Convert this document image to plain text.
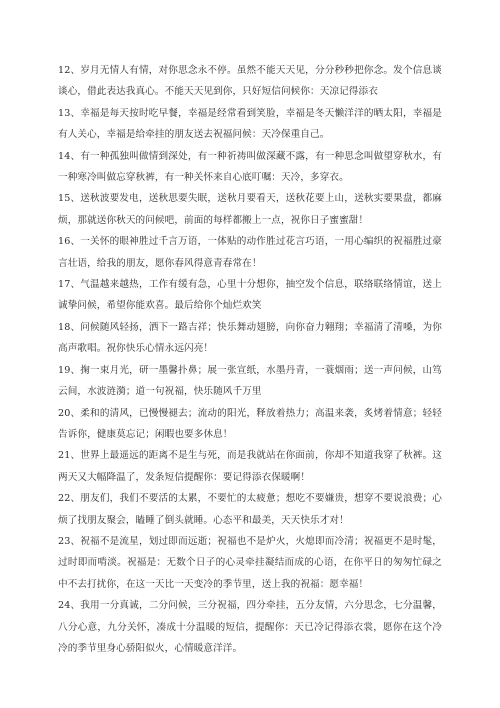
12、岁月无情人有情，对你思念永不停。虽然不能天天见，分分秒秒把你念。发个信息谈谈心，借此表达我真心。不能天天见到你，只好短信问候你：天凉记得添衣

13、幸福是每天按时吃早餐，幸福是经常看到笑脸，幸福是冬天懒洋洋的晒太阳，幸福是有人关心，幸福是给牵挂的朋友送去祝福问候：天冷保重自己。

14、有一种孤独叫做情到深处，有一种祈祷叫做深藏不露，有一种思念叫做望穿秋水，有一种寒冷叫做忘穿秋裤，有一种关怀来自心底叮嘱：天冷，多穿衣。

15、送秋波要发电，送秋思要失眠，送秋月要看天，送秋花要上山，送秋实要果盘，都麻烦，那就送你秋天的问候吧，前面的每样都搬上一点，祝你日子蜜蜜甜！

16、一关怀的眼神胜过千言万语，一体贴的动作胜过花言巧语，一用心编织的祝福胜过豪言壮语，给我的朋友，愿你春风得意青春常在！

17、气温越来越热，工作有缓有急，心里十分想你，抽空发个信息，联络联络情谊，送上诚挚问候，希望你能欢喜。最后给你个灿烂欢笑

18、问候随风轻扬，洒下一路吉祥；快乐舞动翅膀，向你奋力翱翔；幸福清了清嗓，为你高声歌唱。祝你快乐心情永远闪亮！

19、掬一束月光，研一墨馨扑鼻；展一张宣纸，水墨丹青，一蓑烟雨；送一声问候，山笃云间，水波涟漪；道一句祝福，快乐随风千万里

20、柔和的清风，已慢慢褪去；流动的阳光，释放着热力；高温来袭，炙烤着情意；轻轻告诉你，健康莫忘记；闲暇也要多休息！

21、世界上最遥远的距离不是生与死，而是我就站在你面前，你却不知道我穿了秋裤。这两天又大幅降温了，发条短信提醒你：要记得添衣保暖啊！

22、朋友们，我们不要活的太累，不要忙的太疲惫；想吃不要嫌贵，想穿不要说浪费；心烦了找朋友聚会，瞌睡了倒头就睡。心态平和最美，天天快乐才对！

23、祝福不是流星，划过即而远逝；祝福也不是炉火，火熄即而冷清；祝福更不是时髦，过时即而啃淡。祝福是：无数个日子的心灵牵挂凝结而成的心语，在你平日的匆匆忙碌之中不去打扰你，在这一天比一天变冷的季节里，送上我的祝福：愿幸福！

24、我用一分真诚，二分问候，三分祝福，四分牵挂，五分友情，六分思念，七分温馨，八分心意，九分关怀，凑成十分温暖的短信，提醒你：天已冷记得添衣裳，愿你在这个冷冷的季节里身心骄阳似火，心情暖意洋洋。
